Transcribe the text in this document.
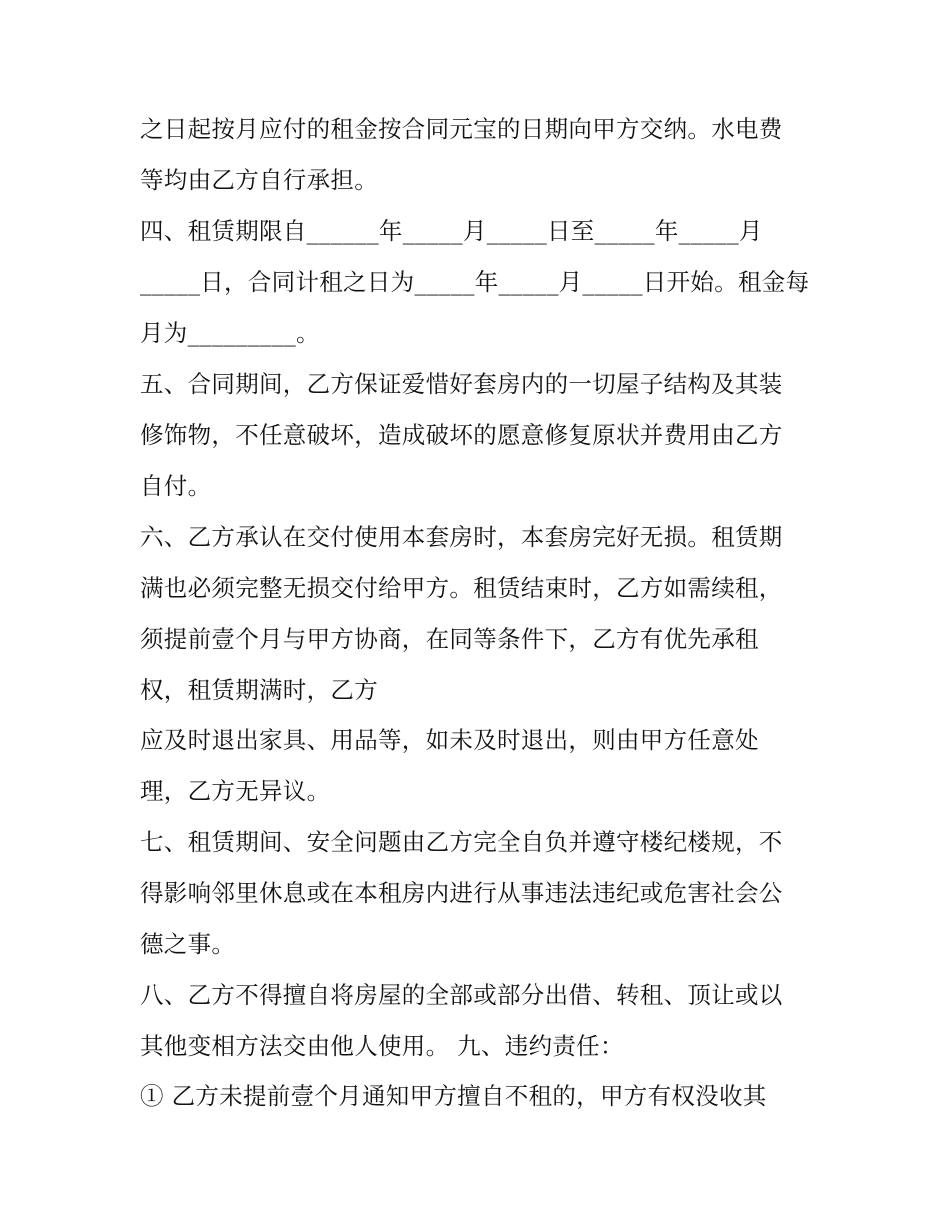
之日起按月应付的租金按合同元宝的日期向甲方交纳。水电费
等均由乙方自行承担。
四、租赁期限自______年_____月_____日至_____年_____月
_____日，合同计租之日为_____年_____月_____日开始。租金每
月为_________。
五、合同期间，乙方保证爱惜好套房内的一切屋子结构及其装
修饰物，不任意破坏，造成破坏的愿意修复原状并费用由乙方
自付。
六、乙方承认在交付使用本套房时，本套房完好无损。租赁期
满也必须完整无损交付给甲方。租赁结束时，乙方如需续租，
须提前壹个月与甲方协商，在同等条件下，乙方有优先承租
权，租赁期满时，乙方
应及时退出家具、用品等，如未及时退出，则由甲方任意处
理，乙方无异议。
七、租赁期间、安全问题由乙方完全自负并遵守楼纪楼规，不
得影响邻里休息或在本租房内进行从事违法违纪或危害社会公
德之事。
八、乙方不得擅自将房屋的全部或部分出借、转租、顶让或以
其他变相方法交由他人使用。 九、违约责任：
① 乙方未提前壹个月通知甲方擅自不租的，甲方有权没收其
